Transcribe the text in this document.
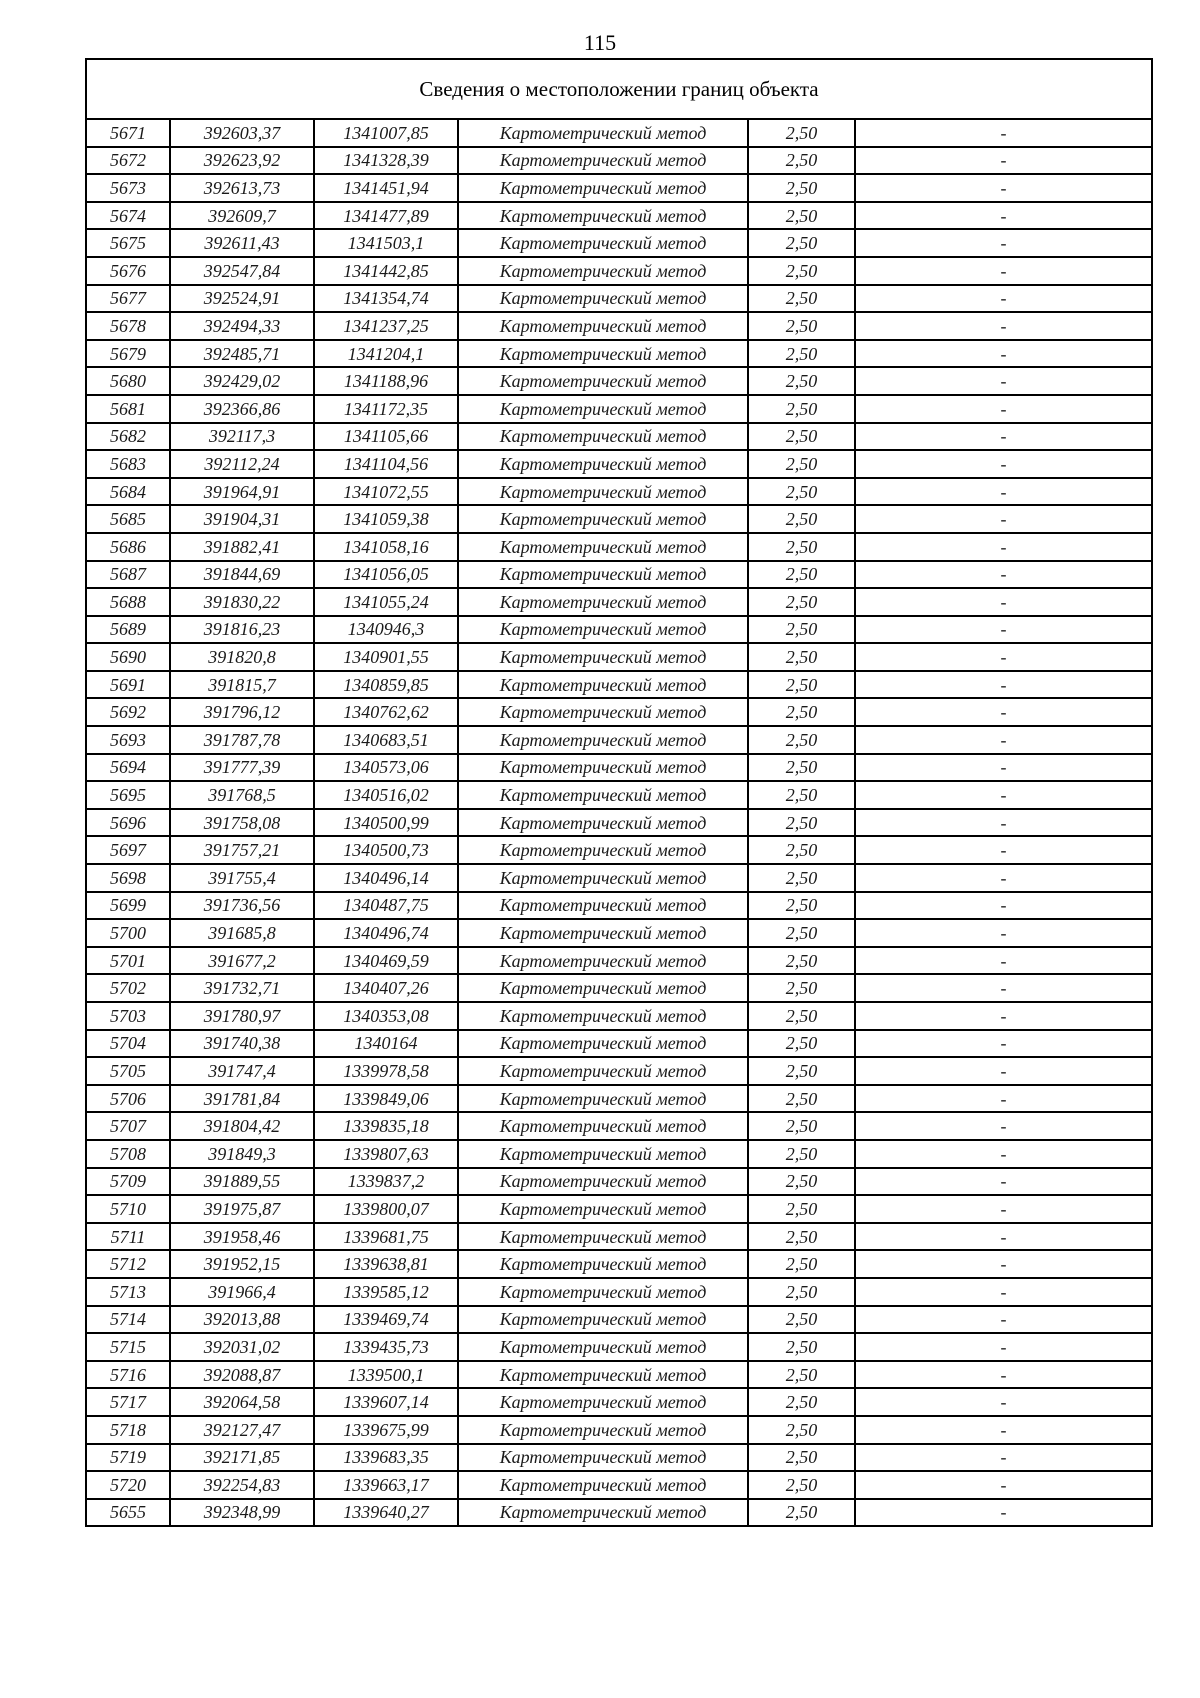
115
Сведения о местоположении границ объекта					
5671	392603,37	1341007,85	Картометрический метод	2,50	-
5672	392623,92	1341328,39	Картометрический метод	2,50	-
5673	392613,73	1341451,94	Картометрический метод	2,50	-
5674	392609,7	1341477,89	Картометрический метод	2,50	-
5675	392611,43	1341503,1	Картометрический метод	2,50	-
5676	392547,84	1341442,85	Картометрический метод	2,50	-
5677	392524,91	1341354,74	Картометрический метод	2,50	-
5678	392494,33	1341237,25	Картометрический метод	2,50	-
5679	392485,71	1341204,1	Картометрический метод	2,50	-
5680	392429,02	1341188,96	Картометрический метод	2,50	-
5681	392366,86	1341172,35	Картометрический метод	2,50	-
5682	392117,3	1341105,66	Картометрический метод	2,50	-
5683	392112,24	1341104,56	Картометрический метод	2,50	-
5684	391964,91	1341072,55	Картометрический метод	2,50	-
5685	391904,31	1341059,38	Картометрический метод	2,50	-
5686	391882,41	1341058,16	Картометрический метод	2,50	-
5687	391844,69	1341056,05	Картометрический метод	2,50	-
5688	391830,22	1341055,24	Картометрический метод	2,50	-
5689	391816,23	1340946,3	Картометрический метод	2,50	-
5690	391820,8	1340901,55	Картометрический метод	2,50	-
5691	391815,7	1340859,85	Картометрический метод	2,50	-
5692	391796,12	1340762,62	Картометрический метод	2,50	-
5693	391787,78	1340683,51	Картометрический метод	2,50	-
5694	391777,39	1340573,06	Картометрический метод	2,50	-
5695	391768,5	1340516,02	Картометрический метод	2,50	-
5696	391758,08	1340500,99	Картометрический метод	2,50	-
5697	391757,21	1340500,73	Картометрический метод	2,50	-
5698	391755,4	1340496,14	Картометрический метод	2,50	-
5699	391736,56	1340487,75	Картометрический метод	2,50	-
5700	391685,8	1340496,74	Картометрический метод	2,50	-
5701	391677,2	1340469,59	Картометрический метод	2,50	-
5702	391732,71	1340407,26	Картометрический метод	2,50	-
5703	391780,97	1340353,08	Картометрический метод	2,50	-
5704	391740,38	1340164	Картометрический метод	2,50	-
5705	391747,4	1339978,58	Картометрический метод	2,50	-
5706	391781,84	1339849,06	Картометрический метод	2,50	-
5707	391804,42	1339835,18	Картометрический метод	2,50	-
5708	391849,3	1339807,63	Картометрический метод	2,50	-
5709	391889,55	1339837,2	Картометрический метод	2,50	-
5710	391975,87	1339800,07	Картометрический метод	2,50	-
5711	391958,46	1339681,75	Картометрический метод	2,50	-
5712	391952,15	1339638,81	Картометрический метод	2,50	-
5713	391966,4	1339585,12	Картометрический метод	2,50	-
5714	392013,88	1339469,74	Картометрический метод	2,50	-
5715	392031,02	1339435,73	Картометрический метод	2,50	-
5716	392088,87	1339500,1	Картометрический метод	2,50	-
5717	392064,58	1339607,14	Картометрический метод	2,50	-
5718	392127,47	1339675,99	Картометрический метод	2,50	-
5719	392171,85	1339683,35	Картометрический метод	2,50	-
5720	392254,83	1339663,17	Картометрический метод	2,50	-
5655	392348,99	1339640,27	Картометрический метод	2,50	-
